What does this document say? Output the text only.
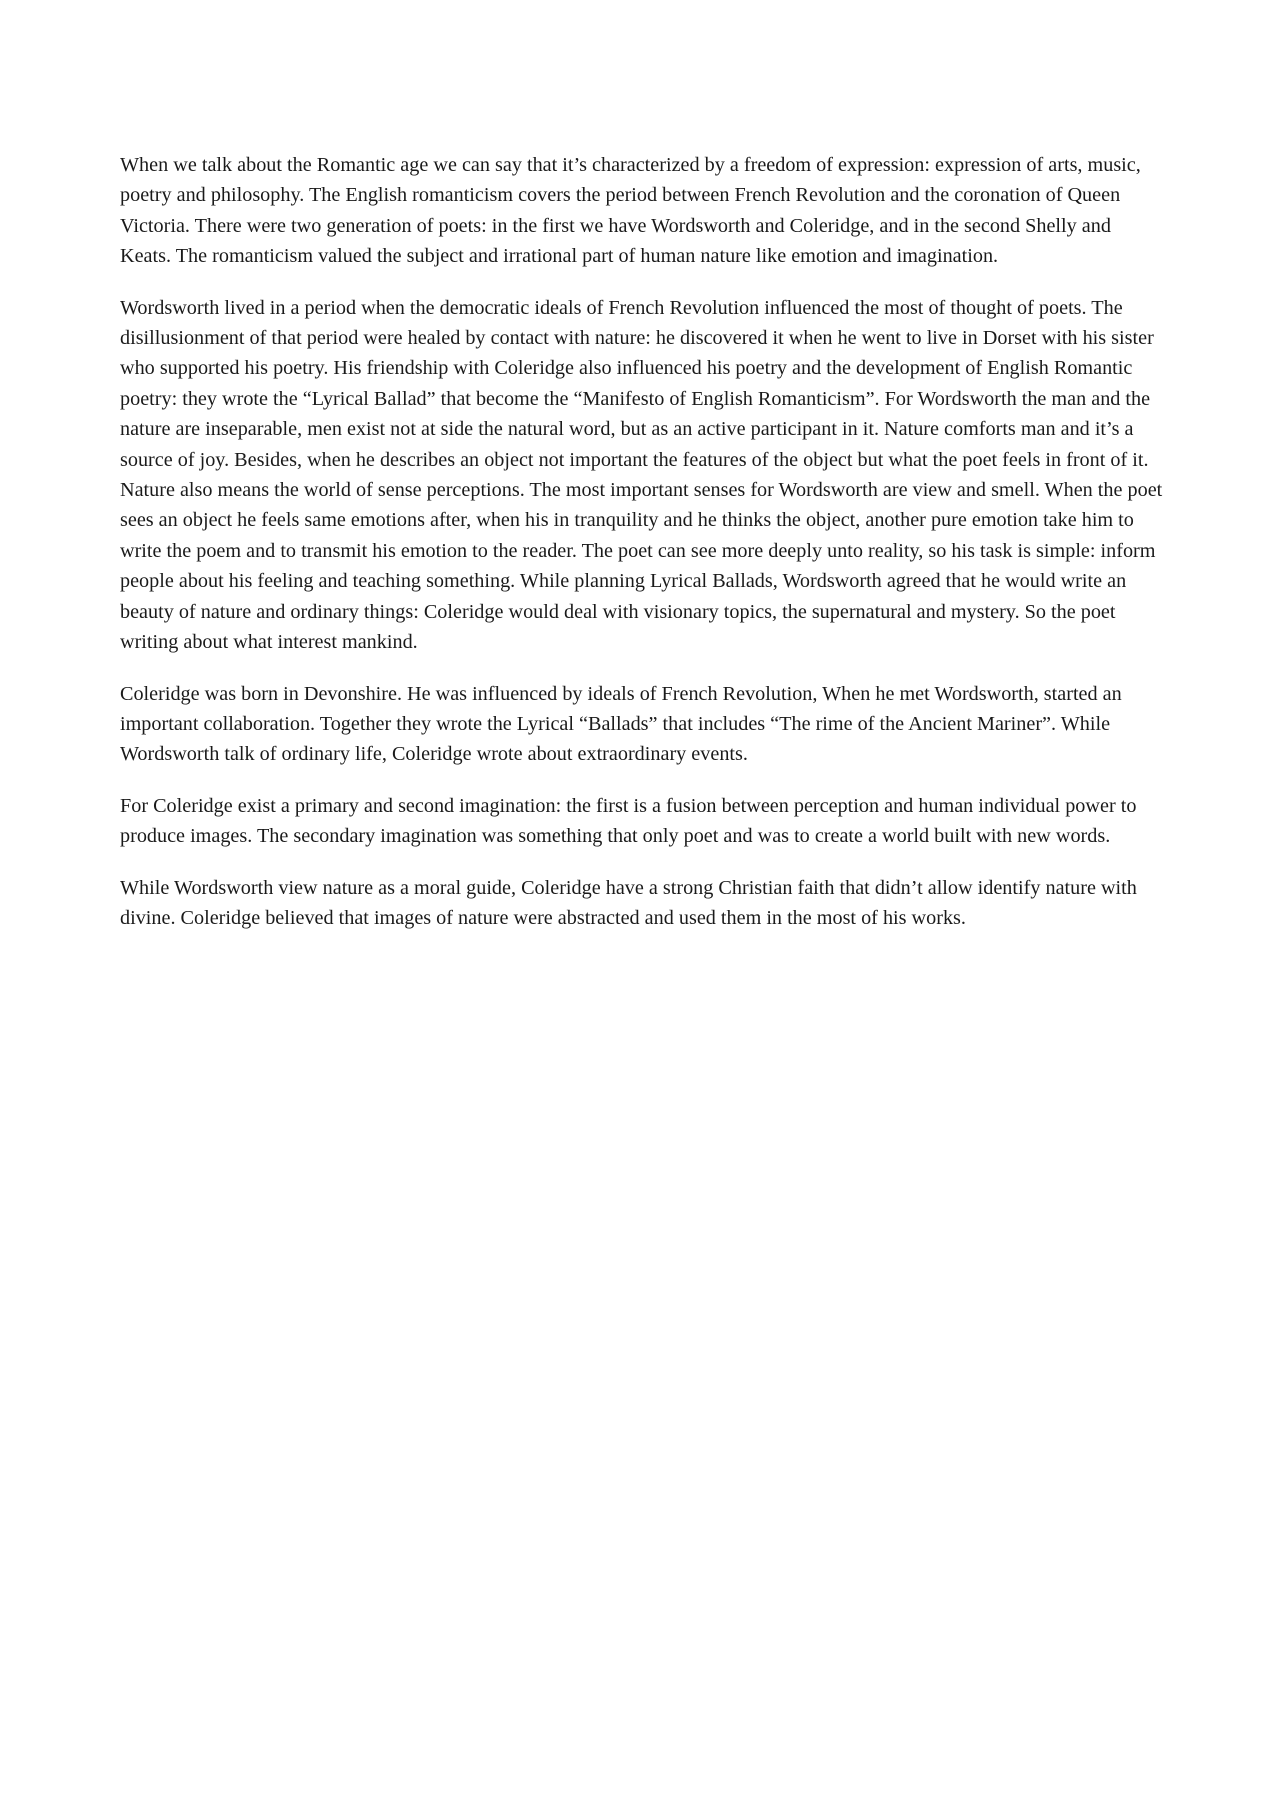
When we talk about the Romantic age we can say that it’s characterized by a freedom of expression: expression of arts, music, poetry and philosophy. The English romanticism covers the period between French Revolution and the coronation of Queen Victoria. There were two generation of poets: in the first we have Wordsworth and Coleridge, and in the second Shelly and Keats. The romanticism valued the subject and irrational part of human nature like emotion and imagination.

Wordsworth lived in a period when the democratic ideals of French Revolution influenced the most of thought of poets. The disillusionment of that period were healed by contact with nature: he discovered it when he went to live in Dorset with his sister who supported his poetry. His friendship with Coleridge also influenced his poetry and the development of English Romantic poetry: they wrote the “Lyrical Ballad” that become the “Manifesto of English Romanticism”. For Wordsworth the man and the nature are inseparable, men exist not at side the natural word, but as an active participant in it. Nature comforts man and it’s a source of joy. Besides, when he describes an object not important the features of the object but what the poet feels in front of it. Nature also means the world of sense perceptions. The most important senses for Wordsworth are view and smell. When the poet sees an object he feels same emotions after, when his in tranquility and he thinks the object, another pure emotion take him to write the poem and to transmit his emotion to the reader. The poet can see more deeply unto reality, so his task is simple: inform people about his feeling and teaching something. While planning Lyrical Ballads, Wordsworth agreed that he would write an beauty of nature and ordinary things: Coleridge would deal with visionary topics, the supernatural and mystery. So the poet writing about what interest mankind.

Coleridge was born in Devonshire. He was influenced by ideals of French Revolution, When he met Wordsworth, started an important collaboration. Together they wrote the Lyrical “Ballads” that includes “The rime of the Ancient Mariner”. While Wordsworth talk of ordinary life, Coleridge wrote about extraordinary events.

For Coleridge exist a primary and second imagination: the first is a fusion between perception and human individual power to produce images. The secondary imagination was something that only poet and was to create a world built with new words.

While Wordsworth view nature as a moral guide, Coleridge have a strong Christian faith that didn’t allow identify nature with divine. Coleridge believed that images of nature were abstracted and used them in the most of his works.
